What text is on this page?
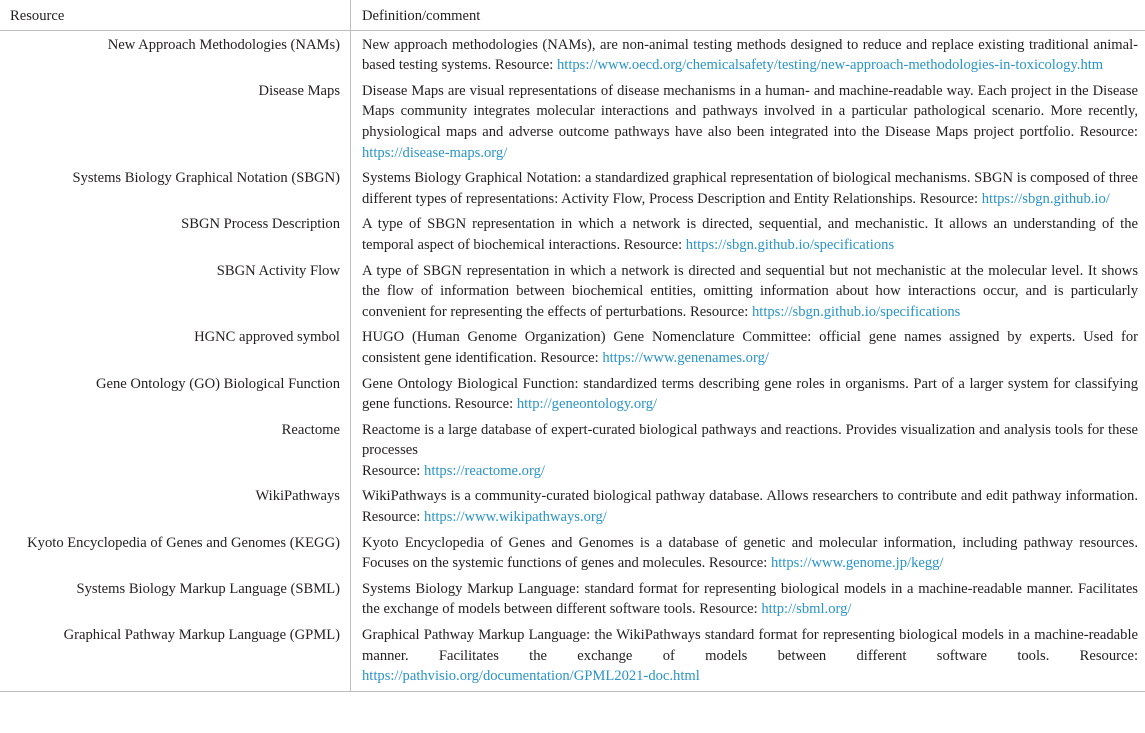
Resource	Definition/comment
New Approach Methodologies (NAMs)	New approach methodologies (NAMs), are non-animal testing methods designed to reduce and replace existing traditional animal-based testing systems. Resource: https://www.oecd.org/chemicalsafety/testing/new-approach-methodologies-in-toxicology.htm
Disease Maps	Disease Maps are visual representations of disease mechanisms in a human- and machine-readable way. Each project in the Disease Maps community integrates molecular interactions and pathways involved in a particular pathological scenario. More recently, physiological maps and adverse outcome pathways have also been integrated into the Disease Maps project portfolio. Resource: https://disease-maps.org/
Systems Biology Graphical Notation (SBGN)	Systems Biology Graphical Notation: a standardized graphical representation of biological mechanisms. SBGN is composed of three different types of representations: Activity Flow, Process Description and Entity Relationships. Resource: https://sbgn.github.io/
SBGN Process Description	A type of SBGN representation in which a network is directed, sequential, and mechanistic. It allows an understanding of the temporal aspect of biochemical interactions. Resource: https://sbgn.github.io/specifications
SBGN Activity Flow	A type of SBGN representation in which a network is directed and sequential but not mechanistic at the molecular level. It shows the flow of information between biochemical entities, omitting information about how interactions occur, and is particularly convenient for representing the effects of perturbations. Resource: https://sbgn.github.io/specifications
HGNC approved symbol	HUGO (Human Genome Organization) Gene Nomenclature Committee: official gene names assigned by experts. Used for consistent gene identification. Resource: https://www.genenames.org/
Gene Ontology (GO) Biological Function	Gene Ontology Biological Function: standardized terms describing gene roles in organisms. Part of a larger system for classifying gene functions. Resource: http://geneontology.org/
Reactome	Reactome is a large database of expert-curated biological pathways and reactions. Provides visualization and analysis tools for these processes
Resource: https://reactome.org/
WikiPathways	WikiPathways is a community-curated biological pathway database. Allows researchers to contribute and edit pathway information. Resource: https://www.wikipathways.org/
Kyoto Encyclopedia of Genes and Genomes (KEGG)	Kyoto Encyclopedia of Genes and Genomes is a database of genetic and molecular information, including pathway resources. Focuses on the systemic functions of genes and molecules. Resource: https://www.genome.jp/kegg/
Systems Biology Markup Language (SBML)	Systems Biology Markup Language: standard format for representing biological models in a machine-readable manner. Facilitates the exchange of models between different software tools. Resource: http://sbml.org/
Graphical Pathway Markup Language (GPML)	Graphical Pathway Markup Language: the WikiPathways standard format for representing biological models in a machine-readable manner. Facilitates the exchange of models between different software tools. Resource: https://pathvisio.org/documentation/GPML2021-doc.html
